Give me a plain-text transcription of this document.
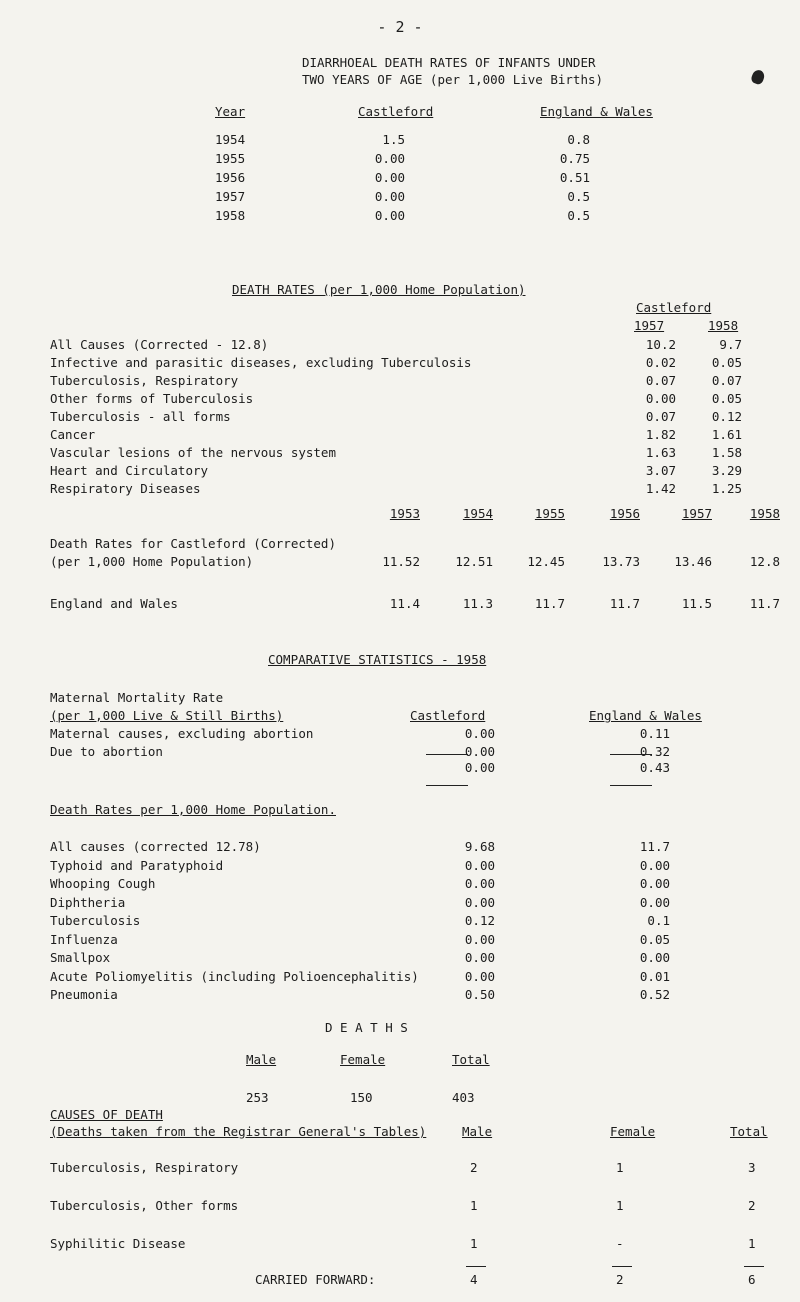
- 2 -
DIARRHOEAL DEATH RATES OF INFANTS UNDER
TWO YEARS OF AGE (per 1,000 Live Births)
Year	Castleford	England & Wales
1954	1.5	0.8
1955	0.00	0.75
1956	0.00	0.51
1957	0.00	0.5
1958	0.00	0.5
DEATH RATES (per 1,000 Home Population)
Castleford
1957	1958
All Causes (Corrected - 12.8)	10.2	9.7
Infective and parasitic diseases, excluding Tuberculosis	0.02	0.05
Tuberculosis, Respiratory	0.07	0.07
Other forms of Tuberculosis	0.00	0.05
Tuberculosis - all forms	0.07	0.12
Cancer	1.82	1.61
Vascular lesions of the nervous system	1.63	1.58
Heart and Circulatory	3.07	3.29
Respiratory Diseases	1.42	1.25
1953	1954	1955	1956	1957	1958
Death Rates for Castleford (Corrected)
(per 1,000 Home Population)	11.52	12.51	12.45	13.73	13.46	12.8
England and Wales	11.4	11.3	11.7	11.7	11.5	11.7
COMPARATIVE STATISTICS - 1958
Maternal Mortality Rate
(per 1,000 Live & Still Births)	Castleford	England & Wales
Maternal causes, excluding abortion	0.00	0.11
Due to abortion	0.00	0.32
0.00	0.43
Death Rates per 1,000 Home Population.
All causes (corrected 12.78)	9.68	11.7
Typhoid and Paratyphoid	0.00	0.00
Whooping Cough	0.00	0.00
Diphtheria	0.00	0.00
Tuberculosis	0.12	0.1
Influenza	0.00	0.05
Smallpox	0.00	0.00
Acute Poliomyelitis (including Polioencephalitis)	0.00	0.01
Pneumonia	0.50	0.52
D E A T H S
Male	Female	Total
253	150	403
CAUSES OF DEATH
(Deaths taken from the Registrar General's Tables)	Male	Female	Total
Tuberculosis, Respiratory	2	1	3
Tuberculosis, Other forms	1	1	2
Syphilitic Disease	1	-	1
CARRIED FORWARD:	4	2	6
